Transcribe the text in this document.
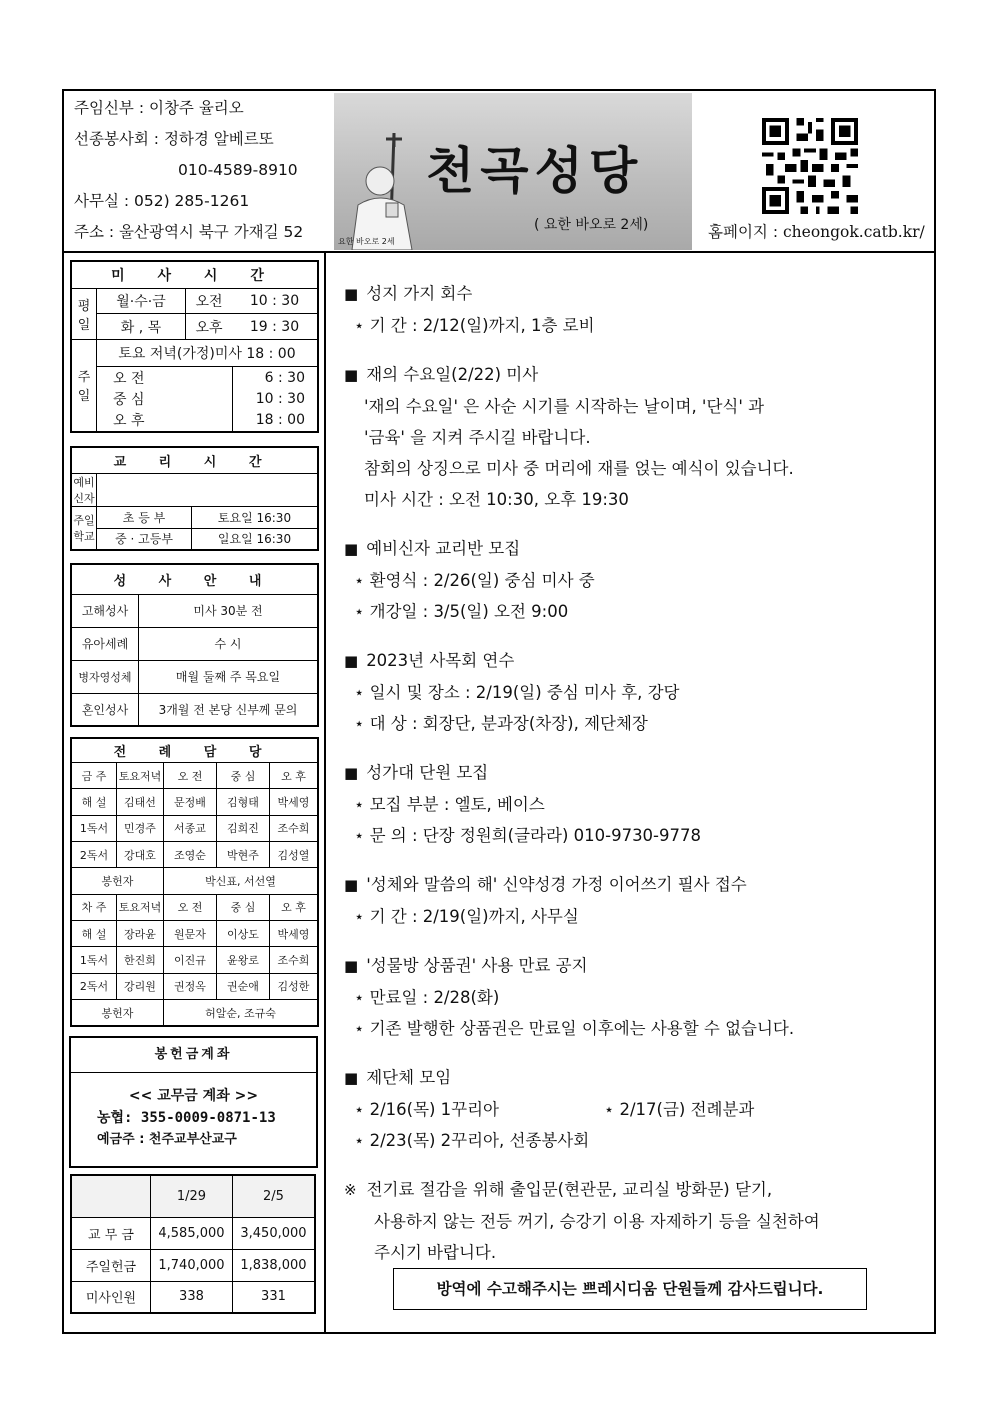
주임신부 : 이창주 율리오
선종봉사회 : 정하경 알베르또
010-4589-8910
사무실 : 052) 285-1261
주소 : 울산광역시 북구 가재길 52
천곡성당
( 요한 바오로 2세)
요한 바오로 2세
홈페이지 : cheongok.catb.kr/
미 사 시 간			
평일	월·수·금	오전	10 : 30
	화 , 목	오후	19 : 30
주일	토요 저녁(가정)미사 18 : 00		
	오 전		6 : 30
	중 심		10 : 30
	오 후		18 : 00
교 리 시 간		
예비 신자		
주일 학교	초 등 부	토요일 16:30
	중 · 고등부	일요일 16:30
성 사 안 내	
고해성사	미사 30분 전
유아세례	수 시
병자영성체	매월 둘째 주 목요일
혼인성사	3개월 전 본당 신부께 문의
전 례 담 당				
금 주	토요저녁	오 전	중 심	오 후
해 설	김태선	문정배	김형태	박세영
1독서	민경주	서종교	김희진	조수희
2독서	강대호	조영순	박현주	김성열
봉헌자		박신표, 서선열		
차 주	토요저녁	오 전	중 심	오 후
해 설	장라윤	원문자	이상도	박세영
1독서	한진희	이진규	윤왕로	조수희
2독서	강리원	권정옥	권순애	김성한
봉헌자		허알순, 조규숙		
봉헌금계좌
<< 교무금 계좌 >>
농협: 355-0009-0871-13
예금주 : 천주교부산교구
	1/29	2/5
교 무 금	4,585,000	3,450,000
주일헌금	1,740,000	1,838,000
미사인원	338	331
■ 성지 가지 회수
⋆ 기 간 : 2/12(일)까지, 1층 로비
■ 재의 수요일(2/22) 미사
'재의 수요일' 은 사순 시기를 시작하는 날이며, '단식' 과
'금육' 을 지켜 주시길 바랍니다.
참회의 상징으로 미사 중 머리에 재를 얹는 예식이 있습니다.
미사 시간 : 오전 10:30, 오후 19:30
■ 예비신자 교리반 모집
⋆ 환영식 : 2/26(일) 중심 미사 중
⋆ 개강일 : 3/5(일) 오전 9:00
■ 2023년 사목회 연수
⋆ 일시 및 장소 : 2/19(일) 중심 미사 후, 강당
⋆ 대 상 : 회장단, 분과장(차장), 제단체장
■ 성가대 단원 모집
⋆ 모집 부분 : 엘토, 베이스
⋆ 문 의 : 단장 정원희(글라라) 010-9730-9778
■ '성체와 말씀의 해' 신약성경 가정 이어쓰기 필사 접수
⋆ 기 간 : 2/19(일)까지, 사무실
■ '성물방 상품권' 사용 만료 공지
⋆ 만료일 : 2/28(화)
⋆ 기존 발행한 상품권은 만료일 이후에는 사용할 수 없습니다.
■ 제단체 모임
⋆ 2/16(목) 1꾸리아                    ⋆ 2/17(금) 전례분과
⋆ 2/23(목) 2꾸리아, 선종봉사회
※ 전기료 절감을 위해 출입문(현관문, 교리실 방화문) 닫기,
사용하지 않는 전등 꺼기, 승강기 이용 자제하기 등을 실천하여
주시기 바랍니다.
방역에 수고해주시는 쁘레시디움 단원들께 감사드립니다.
